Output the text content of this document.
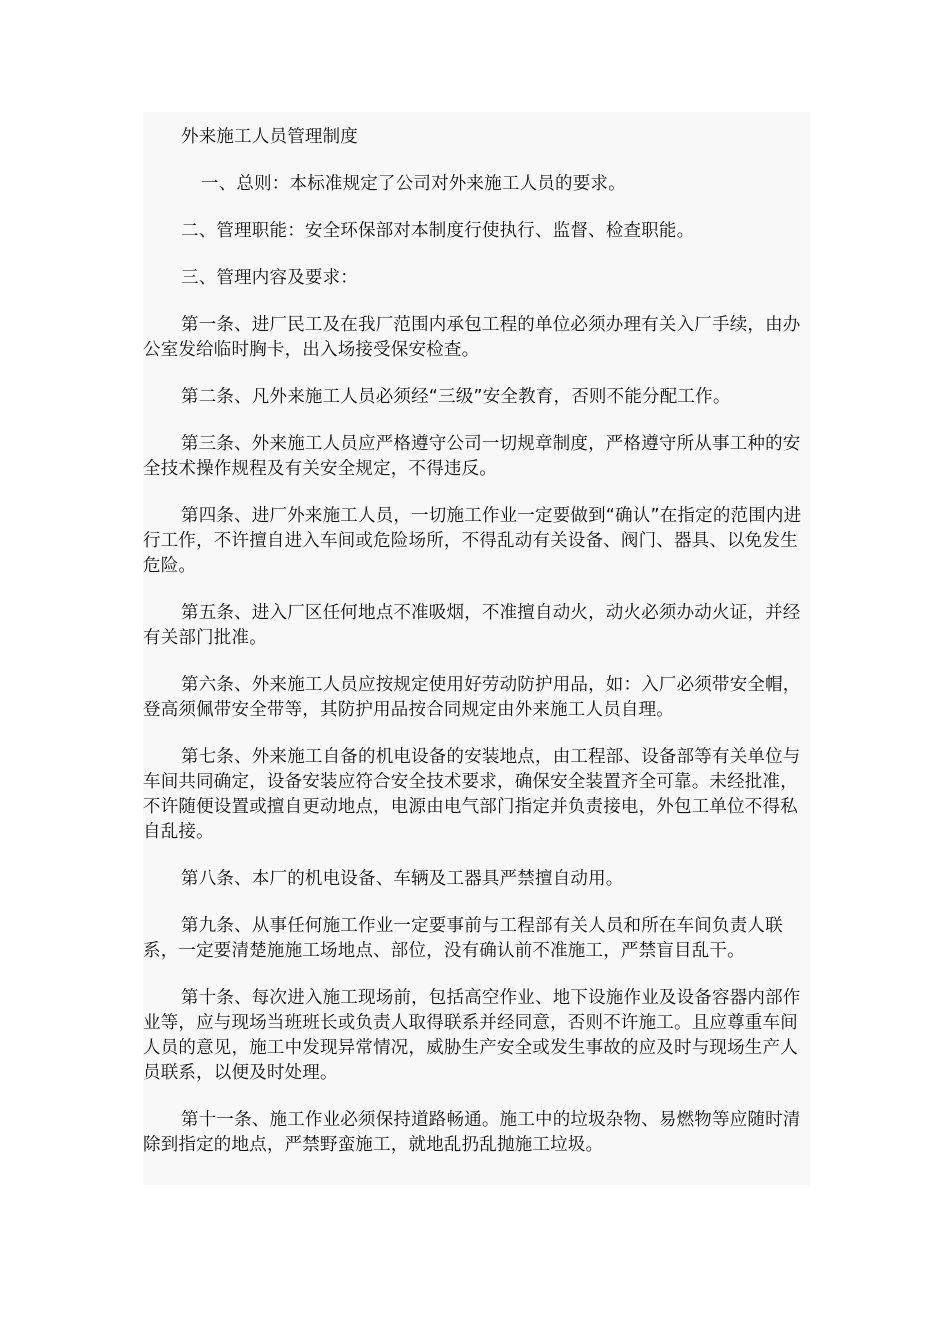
外来施工人员管理制度

一、总则：本标准规定了公司对外来施工人员的要求。

二、管理职能：安全环保部对本制度行使执行、监督、检查职能。

三、管理内容及要求：

第一条、进厂民工及在我厂范围内承包工程的单位必须办理有关入厂手续，由办公室发给临时胸卡，出入场接受保安检查。

第二条、凡外来施工人员必须经“三级”安全教育，否则不能分配工作。

第三条、外来施工人员应严格遵守公司一切规章制度，严格遵守所从事工种的安全技术操作规程及有关安全规定，不得违反。

第四条、进厂外来施工人员，一切施工作业一定要做到“确认”在指定的范围内进行工作，不许擅自进入车间或危险场所，不得乱动有关设备、阀门、器具、以免发生危险。

第五条、进入厂区任何地点不准吸烟，不准擅自动火，动火必须办动火证，并经有关部门批准。

第六条、外来施工人员应按规定使用好劳动防护用品，如：入厂必须带安全帽，登高须佩带安全带等，其防护用品按合同规定由外来施工人员自理。

第七条、外来施工自备的机电设备的安装地点，由工程部、设备部等有关单位与车间共同确定，设备安装应符合安全技术要求，确保安全装置齐全可靠。未经批准，不许随便设置或擅自更动地点，电源由电气部门指定并负责接电，外包工单位不得私自乱接。

第八条、本厂的机电设备、车辆及工器具严禁擅自动用。

第九条、从事任何施工作业一定要事前与工程部有关人员和所在车间负责人联系，一定要清楚施施工场地点、部位，没有确认前不准施工，严禁盲目乱干。

第十条、每次进入施工现场前，包括高空作业、地下设施作业及设备容器内部作业等，应与现场当班班长或负责人取得联系并经同意，否则不许施工。且应尊重车间人员的意见，施工中发现异常情况，威胁生产安全或发生事故的应及时与现场生产人员联系，以便及时处理。

第十一条、施工作业必须保持道路畅通。施工中的垃圾杂物、易燃物等应随时清除到指定的地点，严禁野蛮施工，就地乱扔乱抛施工垃圾。
